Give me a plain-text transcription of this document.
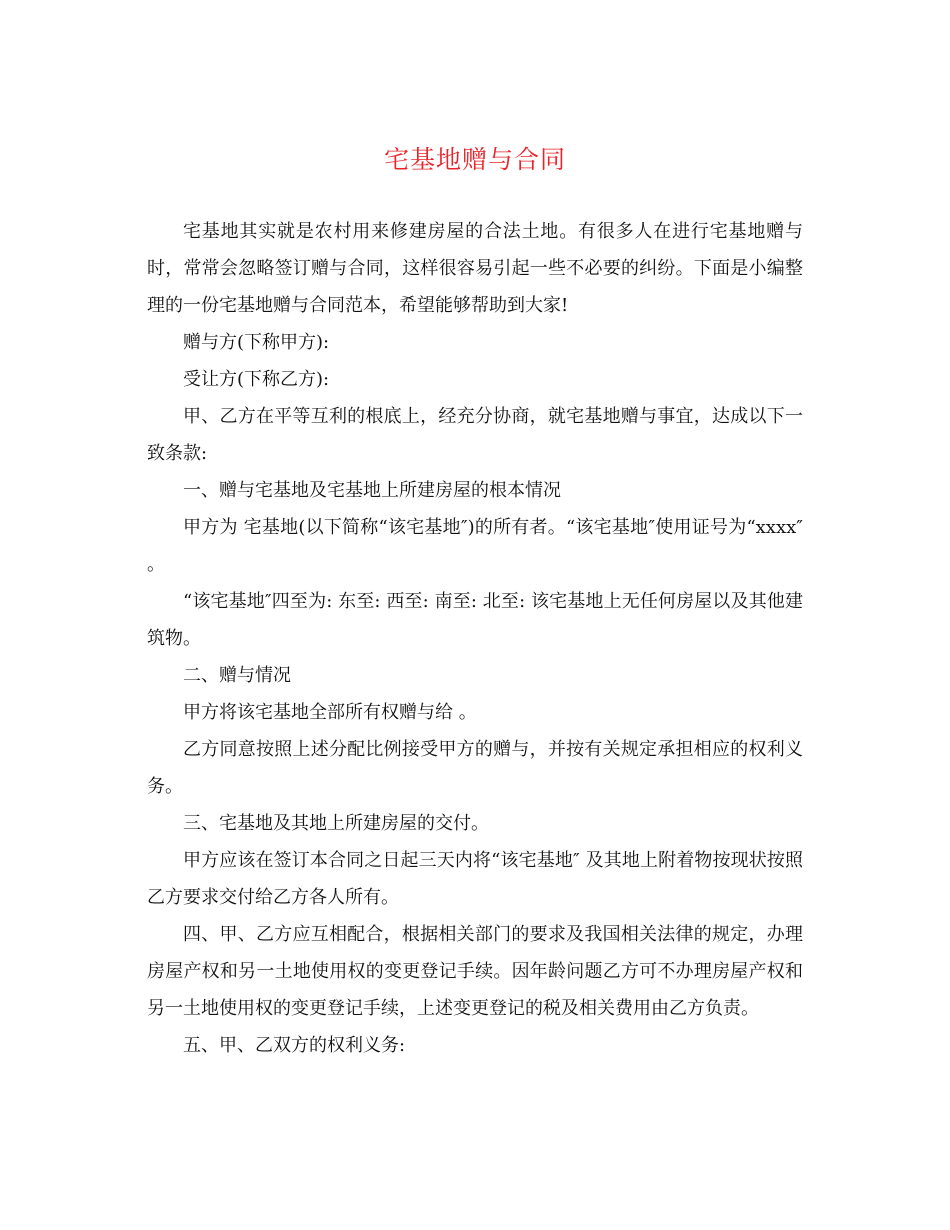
宅基地赠与合同

宅基地其实就是农村用来修建房屋的合法土地。有很多人在进行宅基地赠与时，常常会忽略签订赠与合同，这样很容易引起一些不必要的纠纷。下面是小编整理的一份宅基地赠与合同范本，希望能够帮助到大家!

赠与方(下称甲方):

受让方(下称乙方):

甲、乙方在平等互利的根底上，经充分协商，就宅基地赠与事宜，达成以下一致条款:

一、赠与宅基地及宅基地上所建房屋的根本情况

甲方为 宅基地(以下简称“该宅基地″)的所有者。“该宅基地″使用证号为“xxxx″ 。

“该宅基地″四至为: 东至: 西至: 南至: 北至: 该宅基地上无任何房屋以及其他建筑物。

二、赠与情况

甲方将该宅基地全部所有权赠与给 。

乙方同意按照上述分配比例接受甲方的赠与，并按有关规定承担相应的权利义务。

三、宅基地及其地上所建房屋的交付。

甲方应该在签订本合同之日起三天内将“该宅基地″ 及其地上附着物按现状按照乙方要求交付给乙方各人所有。

四、甲、乙方应互相配合，根据相关部门的要求及我国相关法律的规定，办理房屋产权和另一土地使用权的变更登记手续。因年龄问题乙方可不办理房屋产权和另一土地使用权的变更登记手续，上述变更登记的税及相关费用由乙方负责。

五、甲、乙双方的权利义务:
